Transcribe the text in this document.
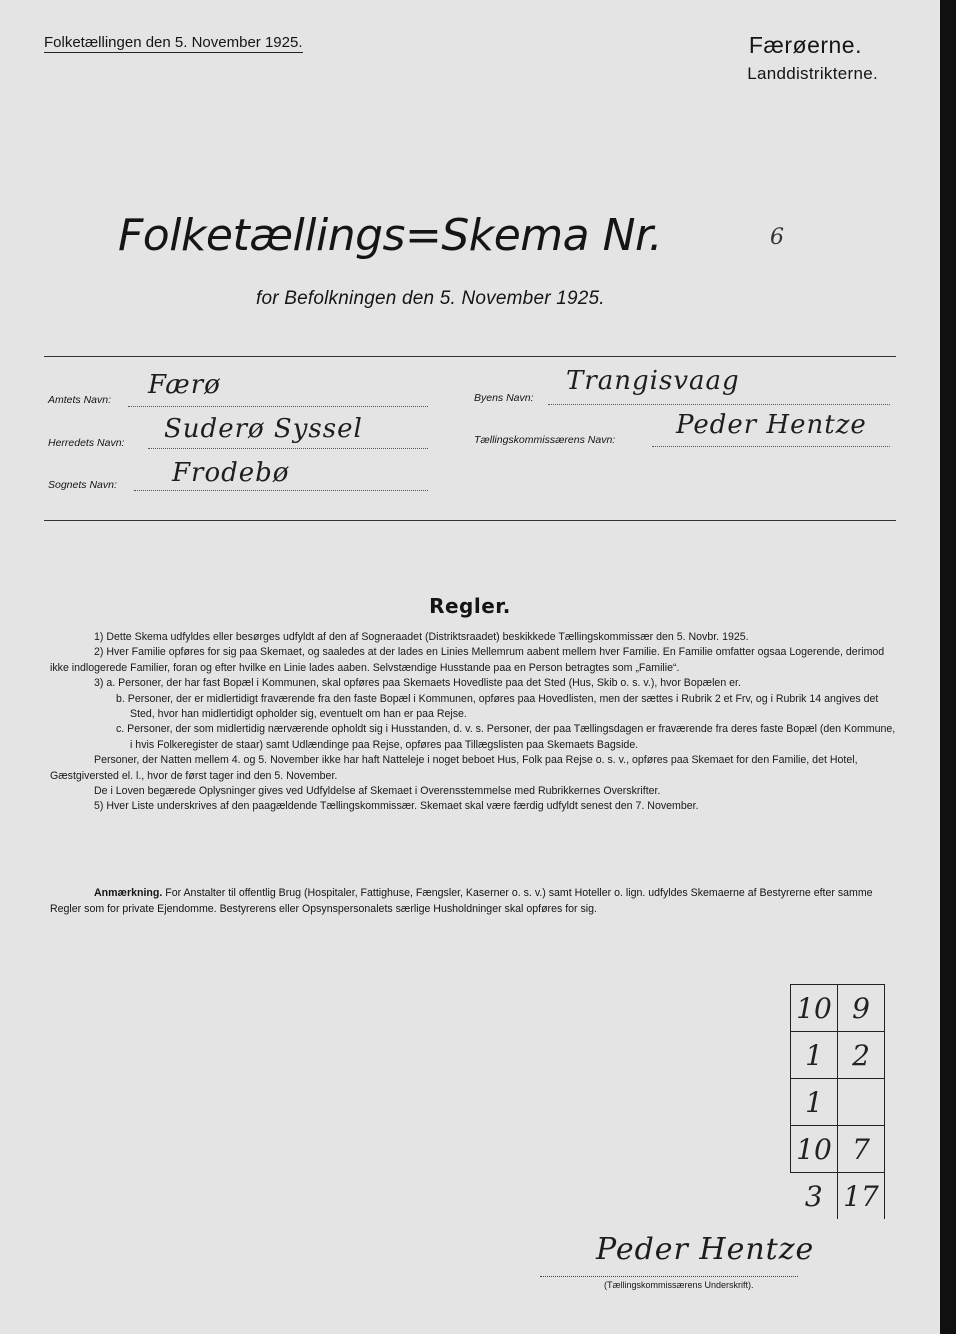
Folketællingen den 5. November 1925.	Færøerne.
Landdistrikterne.
Folketællings=Skema Nr.	6
for Befolkningen den 5. November 1925.
Amtets Navn: Færø
Herredets Navn: Suderø Syssel
Sognets Navn: Frodebø
Byens Navn:
Trangisvaag
Tællingskommissærens Navn: Peder Hentze
Regler.

1) Dette Skema udfyldes eller besørges udfyldt af den af Sogneraadet (Distriktsraadet) beskikkede Tællingskommissær den 5. Novbr. 1925.

2) Hver Familie opføres for sig paa Skemaet, og saaledes at der lades en Linies Mellemrum aabent mellem hver Familie. En Familie omfatter ogsaa Logerende, derimod ikke indlogerede Familier, foran og efter hvilke en Linie lades aaben. Selvstændige Husstande paa en Person betragtes som „Familie“.

3) a. Personer, der har fast Bopæl i Kommunen, skal opføres paa Skemaets Hovedliste paa det Sted (Hus, Skib o. s. v.), hvor Bopælen er.

b. Personer, der er midlertidigt fraværende fra den faste Bopæl i Kommunen, opføres paa Hovedlisten, men der sættes i Rubrik 2 et Frv, og i Rubrik 14 angives det Sted, hvor han midlertidigt opholder sig, eventuelt om han er paa Rejse.

c. Personer, der som midlertidig nærværende opholdt sig i Husstanden, d. v. s. Personer, der paa Tællingsdagen er fraværende fra deres faste Bopæl (den Kommune, i hvis Folkeregister de staar) samt Udlændinge paa Rejse, opføres paa Tillægslisten paa Skemaets Bagside.

Personer, der Natten mellem 4. og 5. November ikke har haft Natteleje i noget beboet Hus, Folk paa Rejse o. s. v., opføres paa Skemaet for den Familie, det Hotel, Gæstgiversted el. l., hvor de først tager ind den 5. November.

De i Loven begærede Oplysninger gives ved Udfyldelse af Skemaet i Overensstemmelse med Rubrikkernes Overskrifter.

5) Hver Liste underskrives af den paagældende Tællingskommissær. Skemaet skal være færdig udfyldt senest den 7. November.

Anmærkning. For Anstalter til offentlig Brug (Hospitaler, Fattighuse, Fængsler, Kaserner o. s. v.) samt Hoteller o. lign. udfyldes Skemaerne af Bestyrerne efter samme Regler som for private Ejendomme. Bestyrerens eller Opsynspersonalets særlige Husholdninger skal opføres for sig.
10	9
1	2
1	
10	7
3	17
Peder Hentze
(Tællingskommissærens Underskrift).
